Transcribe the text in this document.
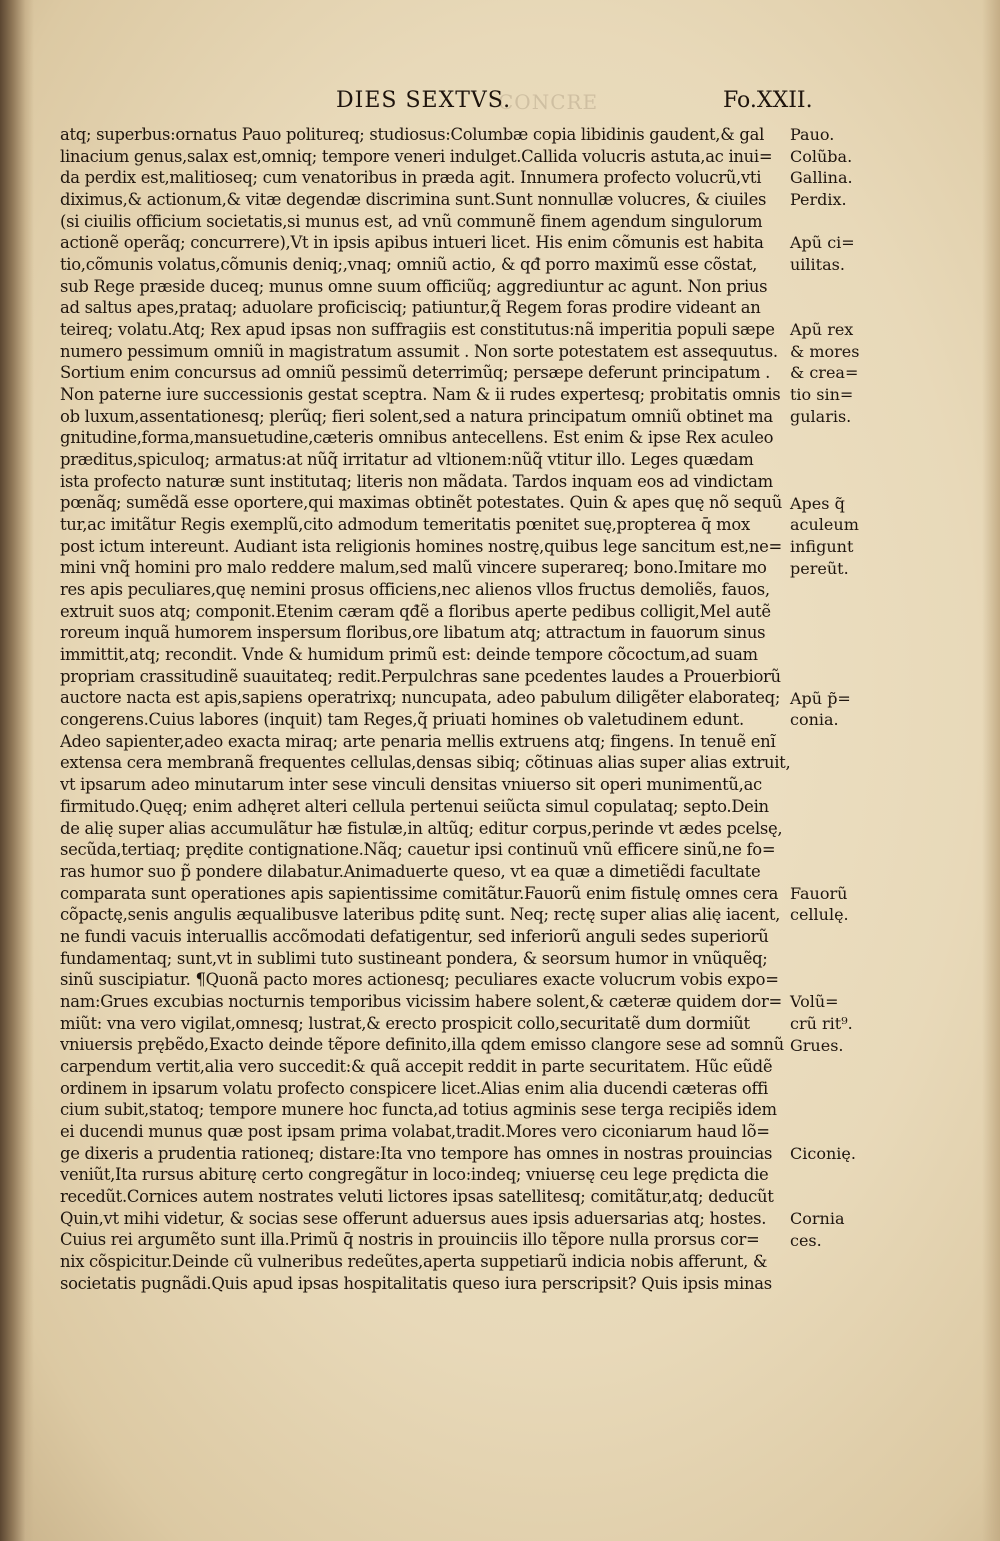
DIES SEXTVS.
CONCRE	Fo.XXII.
atq; superbus:ornatus Pauo politureq; studiosus:Columbæ copia libidinis gaudent,& gal
linacium genus,salax est,omniq; tempore veneri indulget.Callida volucris astuta,ac inui=
da perdix est,malitioseq; cum venatoribus in præda agit. Innumera profecto volucrũ,vti
diximus,& actionum,& vitæ degendæ discrimina sunt.Sunt nonnullæ volucres, & ciuiles
(si ciuilis officium societatis,si munus est, ad vnũ communẽ finem agendum singulorum
actionẽ operãq; concurrere),Vt in ipsis apibus intueri licet. His enim cõmunis est habita
tio,cõmunis volatus,cõmunis deniq;,vnaq; omniũ actio, & qđ porro maximũ esse cõstat,
sub Rege præside duceq; munus omne suum officiũq; aggrediuntur ac agunt. Non prius
ad saltus apes,prataq; aduolare proficisciq; patiuntur,q̃ Regem foras prodire videant an
teireq; volatu.Atq; Rex apud ipsas non suffragiis est constitutus:nã imperitia populi sæpe
numero pessimum omniũ in magistratum assumit . Non sorte potestatem est assequutus.
Sortium enim concursus ad omniũ pessimũ deterrimũq; persæpe deferunt principatum .
Non paterne iure successionis gestat sceptra. Nam & ii rudes expertesq; probitatis omnis
ob luxum,assentationesq; plerũq; fieri solent,sed a natura principatum omniũ obtinet ma
gnitudine,forma,mansuetudine,cæteris omnibus antecellens. Est enim & ipse Rex aculeo
præditus,spiculoq; armatus:at nũq̃ irritatur ad vltionem:nũq̃ vtitur illo. Leges quædam
ista profecto naturæ sunt institutaq; literis non mãdata. Tardos inquam eos ad vindictam
pœnãq; sumẽdã esse oportere,qui maximas obtinẽt potestates. Quin & apes quę nõ sequũ
tur,ac imitãtur Regis exemplũ,cito admodum temeritatis pœnitet suę,propterea q̄ mox
post ictum intereunt. Audiant ista religionis homines nostrę,quibus lege sancitum est,ne=
mini vnq̃ homini pro malo reddere malum,sed malũ vincere superareq; bono.Imitare mo
res apis peculiares,quę nemini prosus officiens,nec alienos vllos fructus demoliẽs, fauos,
extruit suos atq; componit.Etenim cæram qđẽ a floribus aperte pedibus colligit,Mel autẽ
roreum inquã humorem inspersum floribus,ore libatum atq; attractum in fauorum sinus
immittit,atq; recondit. Vnde & humidum primũ est: deinde tempore cõcoctum,ad suam
propriam crassitudinẽ suauitateq; redit.Perpulchras sane pcedentes laudes a Prouerbiorũ
auctore nacta est apis,sapiens operatrixq; nuncupata, adeo pabulum diligẽter elaborateq;
congerens.Cuius labores (inquit) tam Reges,q̃ priuati homines ob valetudinem edunt.
Adeo sapienter,adeo exacta miraq; arte penaria mellis extruens atq; fingens. In tenuẽ enĩ
extensa cera membranã frequentes cellulas,densas sibiq; cõtinuas alias super alias extruit,
vt ipsarum adeo minutarum inter sese vinculi densitas vniuerso sit operi munimentũ,ac
firmitudo.Quęq; enim adhęret alteri cellula pertenui seiũcta simul copulataq; septo.Dein
de alię super alias accumulãtur hæ fistulæ,in altũq; editur corpus,perinde vt ædes pcelsę,
secũda,tertiaq; prędite contignatione.Nãq; cauetur ipsi continuũ vnũ efficere sinũ,ne fo=
ras humor suo p̃ pondere dilabatur.Animaduerte queso, vt ea quæ a dimetiẽdi facultate
comparata sunt operationes apis sapientissime comitãtur.Fauorũ enim fistulę omnes cera
cõpactę,senis angulis æqualibusve lateribus pditę sunt. Neq; rectę super alias alię iacent,
ne fundi vacuis interuallis accõmodati defatigentur, sed inferiorũ anguli sedes superiorũ
fundamentaq; sunt,vt in sublimi tuto sustineant pondera, & seorsum humor in vnũquẽq;
sinũ suscipiatur. ¶Quonã pacto mores actionesq; peculiares exacte volucrum vobis expo=
nam:Grues excubias nocturnis temporibus vicissim habere solent,& cæteræ quidem dor=
miũt: vna vero vigilat,omnesq; lustrat,& erecto prospicit collo,securitatẽ dum dormiũt
vniuersis prębẽdo,Exacto deinde tẽpore definito,illa qdem emisso clangore sese ad somnũ
carpendum vertit,alia vero succedit:& quã accepit reddit in parte securitatem. Hũc eũdẽ
ordinem in ipsarum volatu profecto conspicere licet.Alias enim alia ducendi cæteras offi
cium subit,statoq; tempore munere hoc functa,ad totius agminis sese terga recipiẽs idem
ei ducendi munus quæ post ipsam prima volabat,tradit.Mores vero ciconiarum haud lõ=
ge dixeris a prudentia rationeq; distare:Ita vno tempore has omnes in nostras prouincias
veniũt,Ita rursus abiturę certo congregãtur in loco:indeq; vniuersę ceu lege prędicta die
recedũt.Cornices autem nostrates veluti lictores ipsas satellitesq; comitãtur,atq; deducũt
Quin,vt mihi videtur, & socias sese offerunt aduersus aues ipsis aduersarias atq; hostes.
Cuius rei argumẽto sunt illa.Primũ q̄ nostris in prouinciis illo tẽpore nulla prorsus cor=
nix cõspicitur.Deinde cũ vulneribus redeũtes,aperta suppetiarũ indicia nobis afferunt, &
societatis pugnãdi.Quis apud ipsas hospitalitatis queso iura perscripsit? Quis ipsis minas
Pauo.
Colũba.
Gallina.
Perdix.
Apũ ci=
uilitas.
Apũ rex
& mores
& crea=
tio sin=
gularis.
Apes q̃
aculeum
infigunt
pereũt.
Apũ p̃=
conia.
Fauorũ
cellulę.
Volũ=
crũ rit⁹.
Grues.
Ciconię.
Cornia
ces.
